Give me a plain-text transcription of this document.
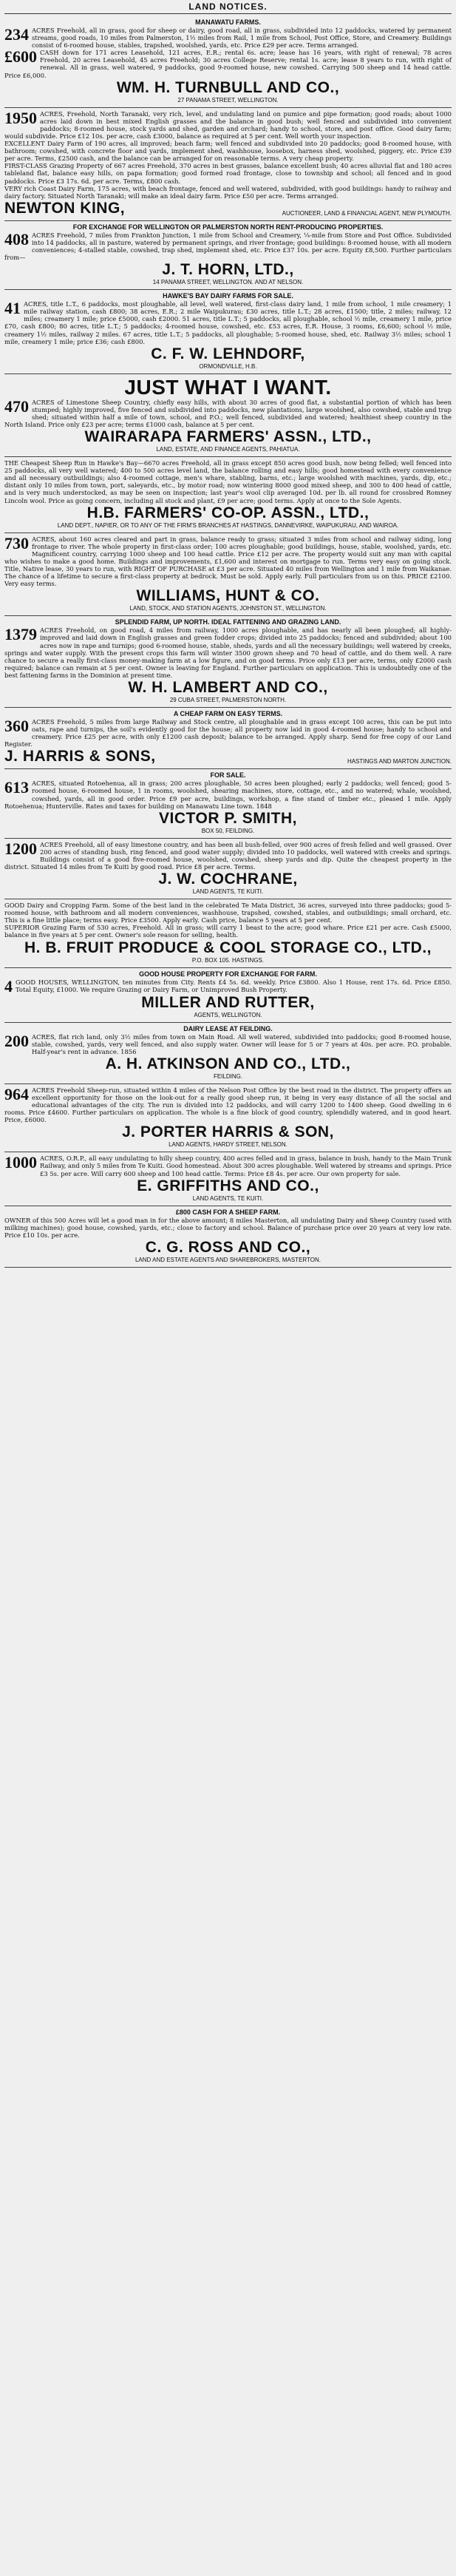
LAND NOTICES.
MANAWATU FARMS.
234 ACRES Freehold, all in grass, good for sheep or dairy, good road, all in grass, subdivided into 12 paddocks, watered by permanent streams, good roads, 10 miles from Palmerston, 1½ miles from Rail, 1 mile from School, Post Office, Store, and Creamery. Buildings consist of 6-roomed house, stables, trapshed, woolshed, yards, etc. Price £29 per acre. Terms arranged.
£600 CASH down for 171 acres Leasehold, 121 acres, E.R.; rental 6s. acre; lease has 16 years, with right of renewal; 78 acres Freehold, 20 acres Leasehold, 45 acres Freehold; 30 acres College Reserve; rental 1s. acre; lease 8 years to run, with right of renewal. All in grass, well watered, 9 paddocks, good 9-roomed house, new cowshed. Carrying 500 sheep and 14 head cattle. Price £6,000.
WM. H. TURNBULL AND CO.,
27 PANAMA STREET, WELLINGTON.
1950 ACRES, Freehold, North Taranaki, very rich, level, and undulating land on pumice and pipe formation; good roads; about 1000 acres laid down in best mixed English grasses and the balance in good bush; well fenced and subdivided into convenient paddocks; 8-roomed house, stock yards and shed, garden and orchard; handy to school, store, and post office. Good dairy farm; would subdivide. Price £12 10s. per acre, cash £3000, balance as required at 5 per cent. Well worth your inspection.
EXCELLENT Dairy Farm of 190 acres, all improved; beach farm; well fenced and subdivided into 20 paddocks; good 8-roomed house, with bathroom; cowshed, with concrete floor and yards, implement shed, washhouse, loosebox, harness shed, woolshed, piggery, etc. Price £39 per acre. Terms, £2500 cash, and the balance can be arranged for on reasonable terms. A very cheap property.
FIRST-CLASS Grazing Property of 667 acres Freehold, 370 acres in best grasses, balance excellent bush; 40 acres alluvial flat and 180 acres tableland flat, balance easy hills, on papa formation; good formed road frontage, close to township and school; all fenced and in good paddocks. Price £3 17s. 6d. per acre. Terms, £800 cash.
VERY rich Coast Dairy Farm, 175 acres, with beach frontage, fenced and well watered, subdivided, with good buildings: handy to railway and dairy factory. Situated North Taranaki; will make an ideal dairy farm. Price £50 per acre. Terms arranged.
NEWTON KING,	AUCTIONEER, LAND & FINANCIAL AGENT, NEW PLYMOUTH.
FOR EXCHANGE FOR WELLINGTON OR PALMERSTON NORTH RENT-PRODUCING PROPERTIES.
408 ACRES Freehold, 7 miles from Frankton Junction, 1 mile from School and Creamery, ¼-mile from Store and Post Office. Subdivided into 14 paddocks, all in pasture, watered by permanent springs, and river frontage; good buildings: 8-roomed house, with all modern conveniences; 4-stalled stable, cowshed, trap shed, implement shed, etc. Price £37 10s. per acre. Equity £8,500. Further particulars from—
J. T. HORN, LTD.,
14 PANAMA STREET, WELLINGTON. AND AT NELSON.
HAWKE'S BAY DAIRY FARMS FOR SALE.
41 ACRES, title L.T., 6 paddocks, most ploughable, all level, well watered, first-class dairy land, 1 mile from school, 1 mile creamery; 1 mile railway station, cash £800; 38 acres, E.R.; 2 mile Waipukurau; £30 acres, title L.T.; 28 acres, £1500; title, 2 miles; railway, 12 miles; creamery 1 mile; price £5000, cash £2000. 51 acres, title L.T.; 5 paddocks, all ploughable, school ½ mile, creamery 1 mile, price £70, cash £800; 80 acres, title L.T.; 5 paddocks; 4-roomed house, cowshed, etc. £53 acres, E.R. House, 3 rooms, £6,600; school ½ mile, creamery 1½ miles, railway 2 miles. 67 acres, title L.T.; 5 paddocks, all ploughable; 5-roomed house, shed, etc. Railway 3½ miles; school 1 mile, creamery 1 mile; price £36; cash £800.
C. F. W. LEHNDORF,
ORMONDVILLE, H.B.
JUST WHAT I WANT.
470 ACRES of Limestone Sheep Country, chiefly easy hills, with about 30 acres of good flat, a substantial portion of which has been stumped; highly improved, five fenced and subdivided into paddocks, new plantations, large woolshed, also cowshed, stable and trap shed; situated within half a mile of town, school, and P.O.; well fenced, subdivided and watered; healthiest sheep country in the North Island. Price only £23 per acre; terms £1000 cash, balance at 5 per cent.
WAIRARAPA FARMERS' ASSN., LTD.,
LAND, ESTATE, AND FINANCE AGENTS, PAHIATUA.
THE Cheapest Sheep Run in Hawke's Bay—6670 acres Freehold, all in grass except 850 acres good bush, now being felled; well fenced into 25 paddocks, all very well watered; 400 to 500 acres level land, the balance rolling and easy hills; good homestead with every convenience and all necessary outbuildings; also 4-roomed cottage, men's whare, stabling, barns, etc.; large woolshed with machines, yards, dip, etc.; distant only 10 miles from town, port, saleyards, etc., by motor road; now wintering 8000 good mixed sheep, and 300 to 400 head of cattle, and is very much understocked, as may be seen on inspection; last year's wool clip averaged 10d. per lb. all round for crossbred Romney Lincoln wool. Price as going concern, including all stock and plant, £9 per acre; good terms. Apply at once to the Sole Agents.
H.B. FARMERS' CO-OP. ASSN., LTD.,
LAND DEPT., NAPIER, OR TO ANY OF THE FIRM'S BRANCHES AT HASTINGS, DANNEVIRKE, WAIPUKURAU, AND WAIROA.
730 ACRES, about 160 acres cleared and part in grass, balance ready to grass; situated 3 miles from school and railway siding, long frontage to river. The whole property in first-class order; 100 acres ploughable; good buildings, house, stable, woolshed, yards, etc. Magnificent country, carrying 1000 sheep and 100 head cattle. Price £12 per acre. The property would suit any man with capital who wishes to make a good home. Buildings and improvements, £1,600 and interest on mortgage to run. Terms very easy on going stock. Title, Native lease, 30 years to run, with RIGHT OF PURCHASE at £3 per acre. Situated 40 miles from Wellington and 1 mile from Waikanae. The chance of a lifetime to secure a first-class property at bedrock. Must be sold. Apply early. Full particulars from us on this. PRICE £2100. Very easy terms.
WILLIAMS, HUNT & CO.
LAND, STOCK, AND STATION AGENTS, JOHNSTON ST., WELLINGTON.
SPLENDID FARM, UP NORTH. IDEAL FATTENING AND GRAZING LAND.
1379 ACRES Freehold, on good road, 4 miles from railway, 1000 acres ploughable, and has nearly all been ploughed; all highly-improved and laid down in English grasses and green fodder crops; divided into 25 paddocks; fenced and subdivided; about 100 acres now in rape and turnips; good 6-roomed house, stable, sheds, yards and all the necessary buildings; well watered by creeks, springs and water supply. With the present crops this farm will winter 3500 grown sheep and 70 head of cattle, and do them well. A rare chance to secure a really first-class money-making farm at a low figure, and on good terms. Price only £13 per acre, terms, only £2000 cash required; balance can remain at 5 per cent. Owner is leaving for England. Further particulars on application. This is undoubtedly one of the best fattening farms in the Dominion at present time.
W. H. LAMBERT AND CO.,
29 CUBA STREET, PALMERSTON NORTH.
A CHEAP FARM ON EASY TERMS.
360 ACRES Freehold, 5 miles from large Railway and Stock centre, all ploughable and in grass except 100 acres, this can be put into oats, rape and turnips, the soil's evidently good for the house; all property now laid in good 4-roomed house; handy to school and creamery. Price £25 per acre, with only £1200 cash deposit; balance to be arranged. Apply sharp. Send for free copy of our Land Register.
J. HARRIS & SONS,	HASTINGS AND MARTON JUNCTION.
FOR SALE.
613 ACRES, situated Rotoehenua, all in grass; 200 acres ploughable, 50 acres been ploughed; early 2 paddocks; well fenced; good 5-roomed house, 6-roomed house, 1 in rooms, woolshed, shearing machines, store, cottage, etc., and no watered; whale, woolshed, cowshed, yards, all in good order. Price £9 per acre, buildings, workshop, a fine stand of timber etc., pleased 1 mile. Apply Rotoehenua; Hunterville. Rates and taxes for building on Manawatu Line town. 1848
VICTOR P. SMITH,
BOX 50, FEILDING.
1200 ACRES Freehold, all of easy limestone country, and has been all bush-felled, over 900 acres of fresh felled and well grassed. Over 200 acres of standing bush, ring fenced, and good water supply; divided into 10 paddocks, well watered with creeks and springs. Buildings consist of a good five-roomed house, woolshed, cowshed, sheep yards and dip. Quite the cheapest property in the district. Situated 14 miles from Te Kuiti by good road. Price £8 per acre. Terms.
J. W. COCHRANE,
LAND AGENTS, TE KUITI.
GOOD Dairy and Cropping Farm. Some of the best land in the celebrated Te Mata District, 36 acres, surveyed into three paddocks; good 5-roomed house, with bathroom and all modern conveniences, washhouse, trapshed, cowshed, stables, and outbuildings; small orchard, etc. This is a fine little place; terms easy. Price £3500. Apply early. Cash price, balance 5 years at 5 per cent.
SUPERIOR Grazing Farm of 530 acres, Freehold. All in grass; will carry 1 beast to the acre; good whare. Price £21 per acre. Cash £5000, balance in five years at 5 per cent. Owner's sole reason for selling, health.
H. B. FRUIT PRODUCE & COOL STORAGE CO., LTD.,
P.O. BOX 105. HASTINGS.
GOOD HOUSE PROPERTY FOR EXCHANGE FOR FARM.
4 GOOD HOUSES, WELLINGTON, ten minutes from City. Rents £4 5s. 6d. weekly. Price £3800. Also 1 House, rent 17s. 6d. Price £850. Total Equity, £1000. We require Grazing or Dairy Farm, or Unimproved Bush Property.
MILLER AND RUTTER,
AGENTS, WELLINGTON.
DAIRY LEASE AT FEILDING.
200 ACRES, flat rich land, only 3½ miles from town on Main Road. All well watered, subdivided into paddocks; good 8-roomed house, stable, cowshed, yards, very well fenced, and also supply water. Owner will lease for 5 or 7 years at 40s. per acre. P.O. probable. Half-year's rent in advance. 1856
A. H. ATKINSON AND CO., LTD.,
FEILDING.
964 ACRES Freehold Sheep-run, situated within 4 miles of the Nelson Post Office by the best road in the district. The property offers an excellent opportunity for those on the look-out for a really good sheep run, it being in very easy distance of all the social and educational advantages of the city. The run is divided into 12 paddocks, and will carry 1200 to 1400 sheep. Good dwelling in 6 rooms. Price £4600. Further particulars on application. The whole is a fine block of good country, splendidly watered, and in good heart. Price, £6000.
J. PORTER HARRIS & SON,
LAND AGENTS, HARDY STREET, NELSON.
1000 ACRES, O.R.P., all easy undulating to hilly sheep country, 400 acres felled and in grass, balance in bush, handy to the Main Trunk Railway, and only 5 miles from Te Kuiti. Good homestead. About 300 acres ploughable. Well watered by streams and springs. Price £3 5s. per acre. Will carry 600 sheep and 100 head cattle. Terms: Price £8 4s. per acre. Our own property for sale.
E. GRIFFITHS AND CO.,
LAND AGENTS, TE KUITI.
£800 CASH FOR A SHEEP FARM.
OWNER of this 500 Acres will let a good man in for the above amount; 8 miles Masterton, all undulating Dairy and Sheep Country (used with milking machines); good house, cowshed, yards, etc.; close to factory and school. Balance of purchase price over 20 years at very low rate. Price £10 10s. per acre.
C. G. ROSS AND CO.,
LAND AND ESTATE AGENTS AND SHAREBROKERS, MASTERTON.
